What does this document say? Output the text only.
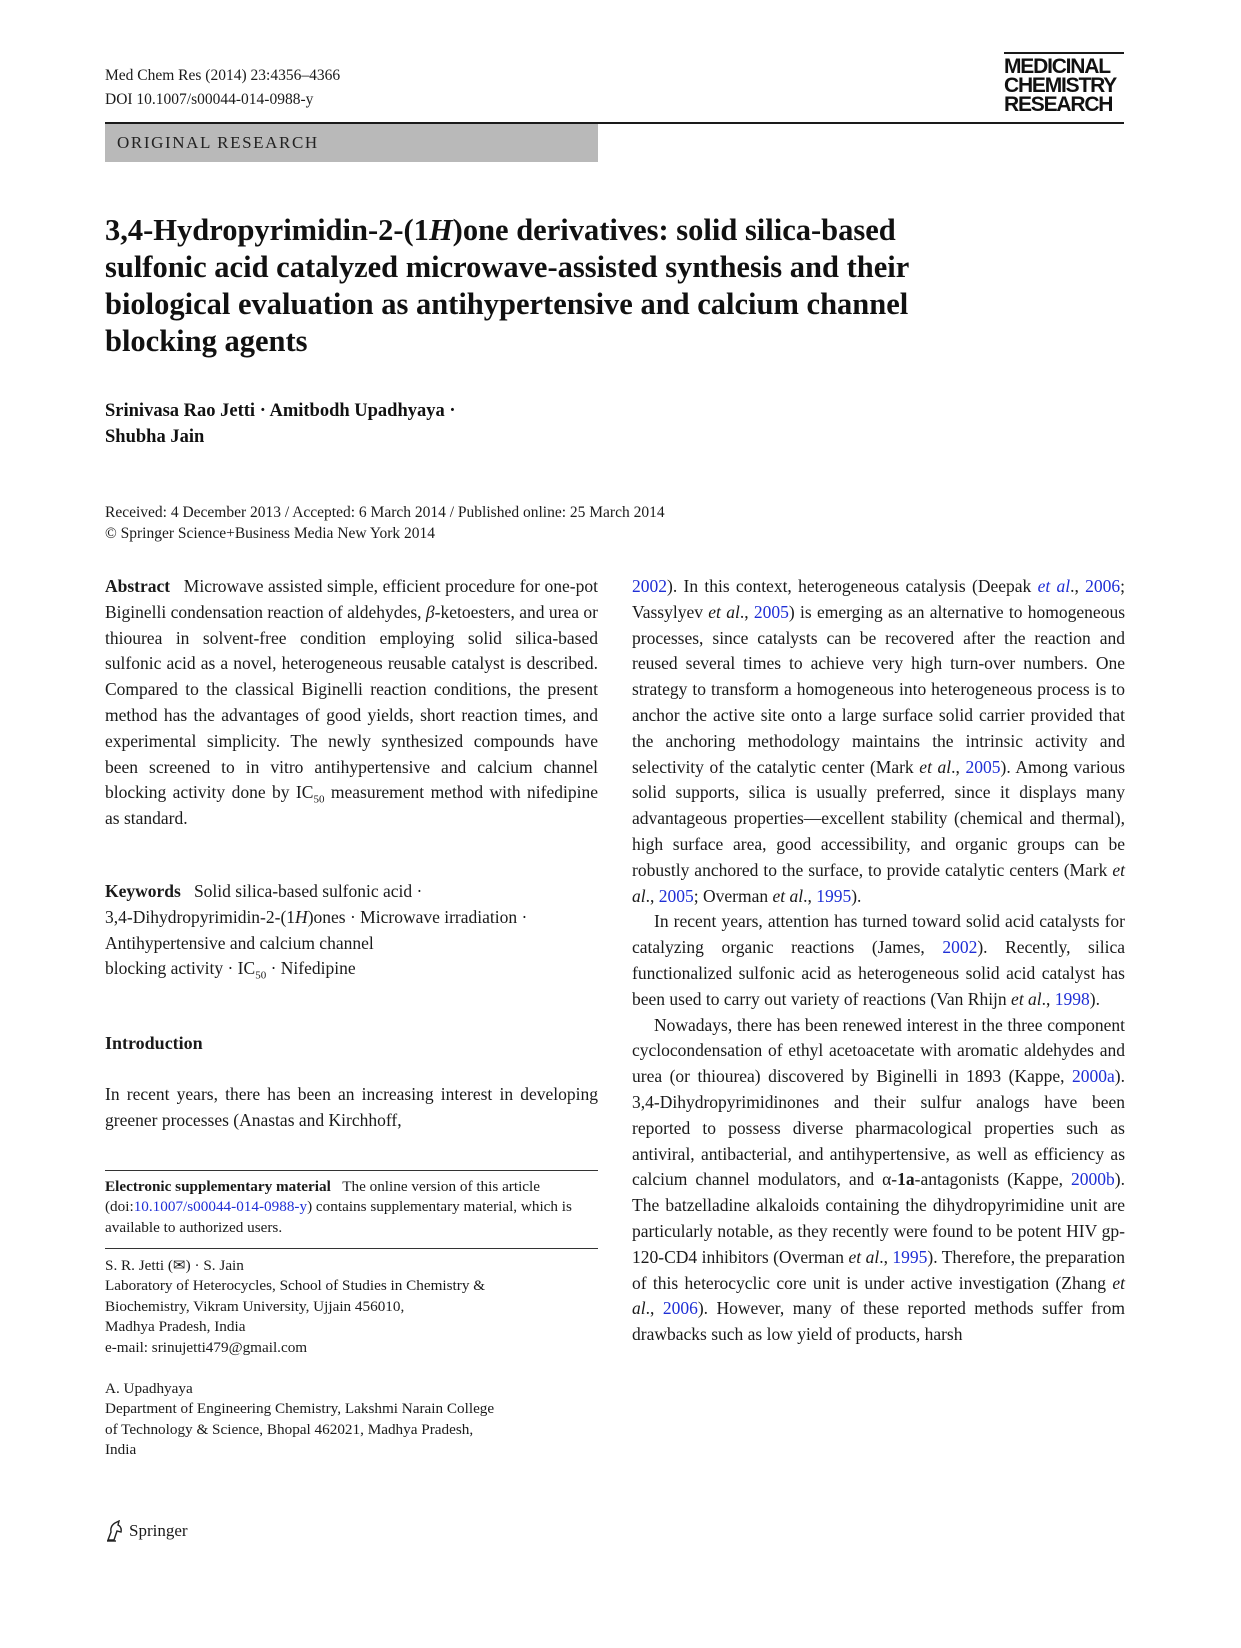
Med Chem Res (2014) 23:4356–4366
DOI 10.1007/s00044-014-0988-y
MEDICINAL
CHEMISTRY
RESEARCH
ORIGINAL RESEARCH
3,4-Hydropyrimidin-2-(1H)one derivatives: solid silica-based
sulfonic acid catalyzed microwave-assisted synthesis and their
biological evaluation as antihypertensive and calcium channel
blocking agents
Srinivasa Rao Jetti · Amitbodh Upadhyaya ·
Shubha Jain
Received: 4 December 2013 / Accepted: 6 March 2014 / Published online: 25 March 2014
© Springer Science+Business Media New York 2014

Abstract Microwave assisted simple, efficient procedure for one-pot Biginelli condensation reaction of aldehydes, β-ketoesters, and urea or thiourea in solvent-free condition employing solid silica-based sulfonic acid as a novel, heterogeneous reusable catalyst is described. Compared to the classical Biginelli reaction conditions, the present method has the advantages of good yields, short reaction times, and experimental simplicity. The newly synthesized compounds have been screened to in vitro antihypertensive and calcium channel blocking activity done by $IC_{50}$ measurement method with nifedipine as standard.

Keywords Solid silica-based sulfonic acid ·
3,4-Dihydropyrimidin-2-(1H)ones · Microwave irradiation ·
Antihypertensive and calcium channel
blocking activity · $IC_{50}$ · Nifedipine
Introduction

In recent years, there has been an increasing interest in developing greener processes (Anastas and Kirchhoff,

Electronic supplementary material The online version of this article (doi:10.1007/s00044-014-0988-y) contains supplementary material, which is available to authorized users.
S. R. Jetti (✉) · S. Jain
Laboratory of Heterocycles, School of Studies in Chemistry &
Biochemistry, Vikram University, Ujjain 456010,
Madhya Pradesh, India
e-mail: srinujetti479@gmail.com
A. Upadhyaya
Department of Engineering Chemistry, Lakshmi Narain College
of Technology & Science, Bhopal 462021, Madhya Pradesh,
India

2002). In this context, heterogeneous catalysis (Deepak et al., 2006; Vassylyev et al., 2005) is emerging as an alternative to homogeneous processes, since catalysts can be recovered after the reaction and reused several times to achieve very high turn-over numbers. One strategy to transform a homogeneous into heterogeneous process is to anchor the active site onto a large surface solid carrier provided that the anchoring methodology maintains the intrinsic activity and selectivity of the catalytic center (Mark et al., 2005). Among various solid supports, silica is usually preferred, since it displays many advantageous properties—excellent stability (chemical and thermal), high surface area, good accessibility, and organic groups can be robustly anchored to the surface, to provide catalytic centers (Mark et al., 2005; Overman et al., 1995).

In recent years, attention has turned toward solid acid catalysts for catalyzing organic reactions (James, 2002). Recently, silica functionalized sulfonic acid as heterogeneous solid acid catalyst has been used to carry out variety of reactions (Van Rhijn et al., 1998).

Nowadays, there has been renewed interest in the three component cyclocondensation of ethyl acetoacetate with aromatic aldehydes and urea (or thiourea) discovered by Biginelli in 1893 (Kappe, 2000a). 3,4-Dihydropyrimidinones and their sulfur analogs have been reported to possess diverse pharmacological properties such as antiviral, antibacterial, and antihypertensive, as well as efficiency as calcium channel modulators, and α-1a-antagonists (Kappe, 2000b). The batzelladine alkaloids containing the dihydropyrimidine unit are particularly notable, as they recently were found to be potent HIV gp-120-CD4 inhibitors (Overman et al., 1995). Therefore, the preparation of this heterocyclic core unit is under active investigation (Zhang et al., 2006). However, many of these reported methods suffer from drawbacks such as low yield of products, harsh

Springer
